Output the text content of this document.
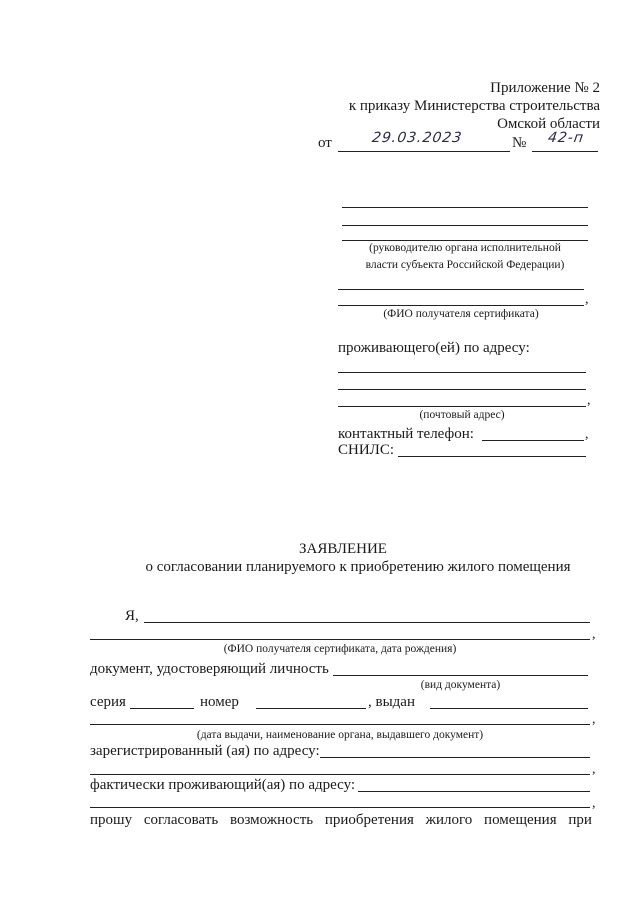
Приложение № 2
к приказу Министерства строительства
Омской области
от	29.03.2023	№ 42-п
(руководителю органа исполнительной
власти субъекта Российской Федерации)
,
(ФИО получателя сертификата)
проживающего(ей) по адресу:
,
(почтовый адрес)
контактный телефон:	,
СНИЛС:
ЗАЯВЛЕНИЕ
о согласовании планируемого к приобретению жилого помещения
Я,
,
(ФИО получателя сертификата, дата рождения)
документ, удостоверяющий личность
(вид документа)
серия	номер	, выдан
,
(дата выдачи, наименование органа, выдавшего документ)
зарегистрированный (ая) по адресу:
,
фактически проживающий(ая) по адресу:
,
прошу согласовать возможность приобретения жилого помещения при
